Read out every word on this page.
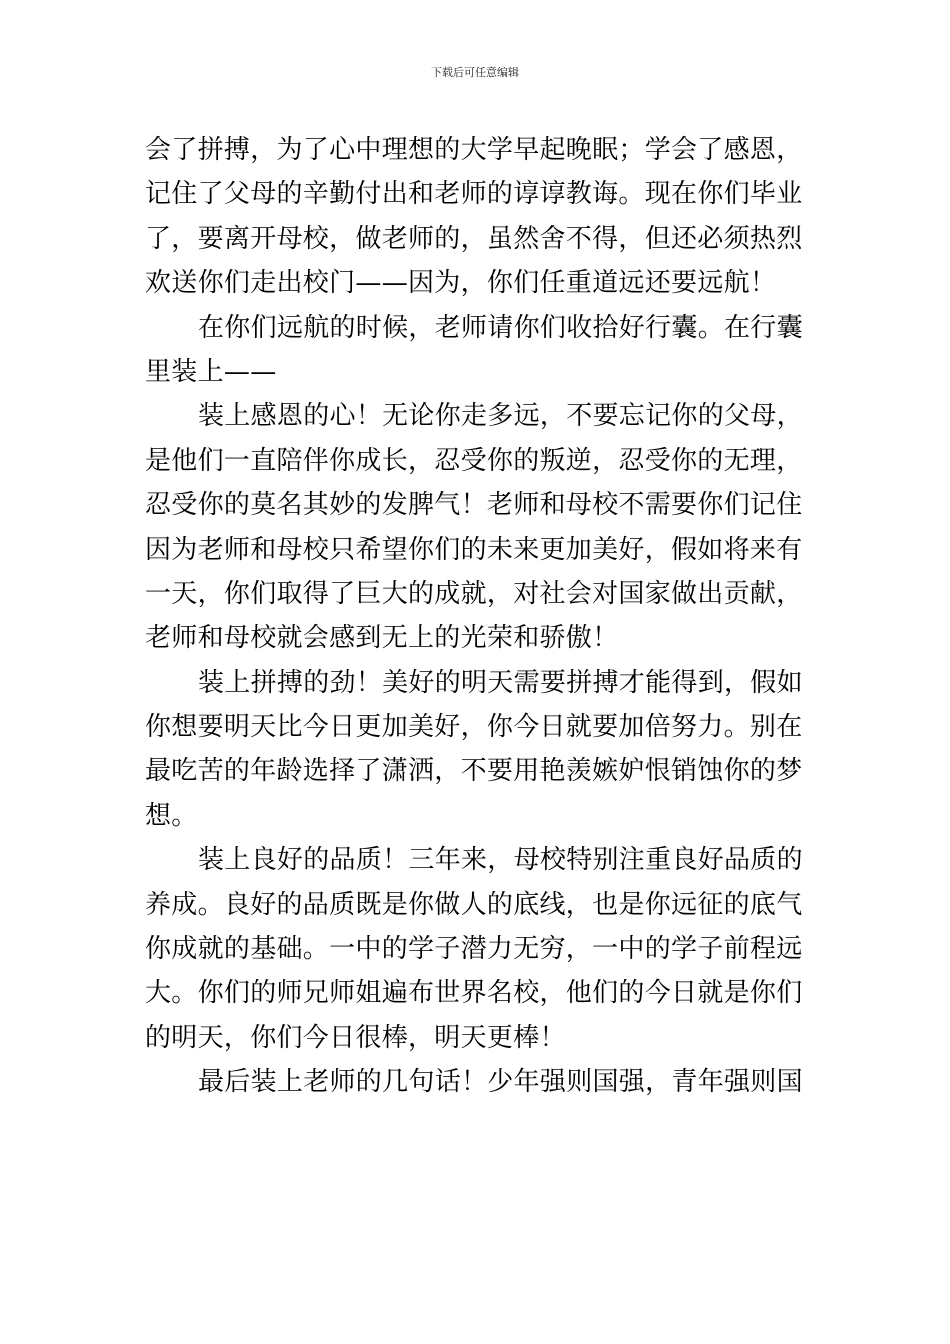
下载后可任意编辑
会了拼搏，为了心中理想的大学早起晚眠；学会了感恩，
记住了父母的辛勤付出和老师的谆谆教诲。现在你们毕业
了，要离开母校，做老师的，虽然舍不得，但还必须热烈
欢送你们走出校门——因为，你们任重道远还要远航！
在你们远航的时候，老师请你们收拾好行囊。在行囊
里装上——
装上感恩的心！无论你走多远，不要忘记你的父母，
是他们一直陪伴你成长，忍受你的叛逆，忍受你的无理，
忍受你的莫名其妙的发脾气！老师和母校不需要你们记住
因为老师和母校只希望你们的未来更加美好，假如将来有
一天，你们取得了巨大的成就，对社会对国家做出贡献，
老师和母校就会感到无上的光荣和骄傲！
装上拼搏的劲！美好的明天需要拼搏才能得到，假如
你想要明天比今日更加美好，你今日就要加倍努力。别在
最吃苦的年龄选择了潇洒，不要用艳羡嫉妒恨销蚀你的梦
想。
装上良好的品质！三年来，母校特别注重良好品质的
养成。良好的品质既是你做人的底线，也是你远征的底气
你成就的基础。一中的学子潜力无穷，一中的学子前程远
大。你们的师兄师姐遍布世界名校，他们的今日就是你们
的明天，你们今日很棒，明天更棒！
最后装上老师的几句话！少年强则国强，青年强则国
